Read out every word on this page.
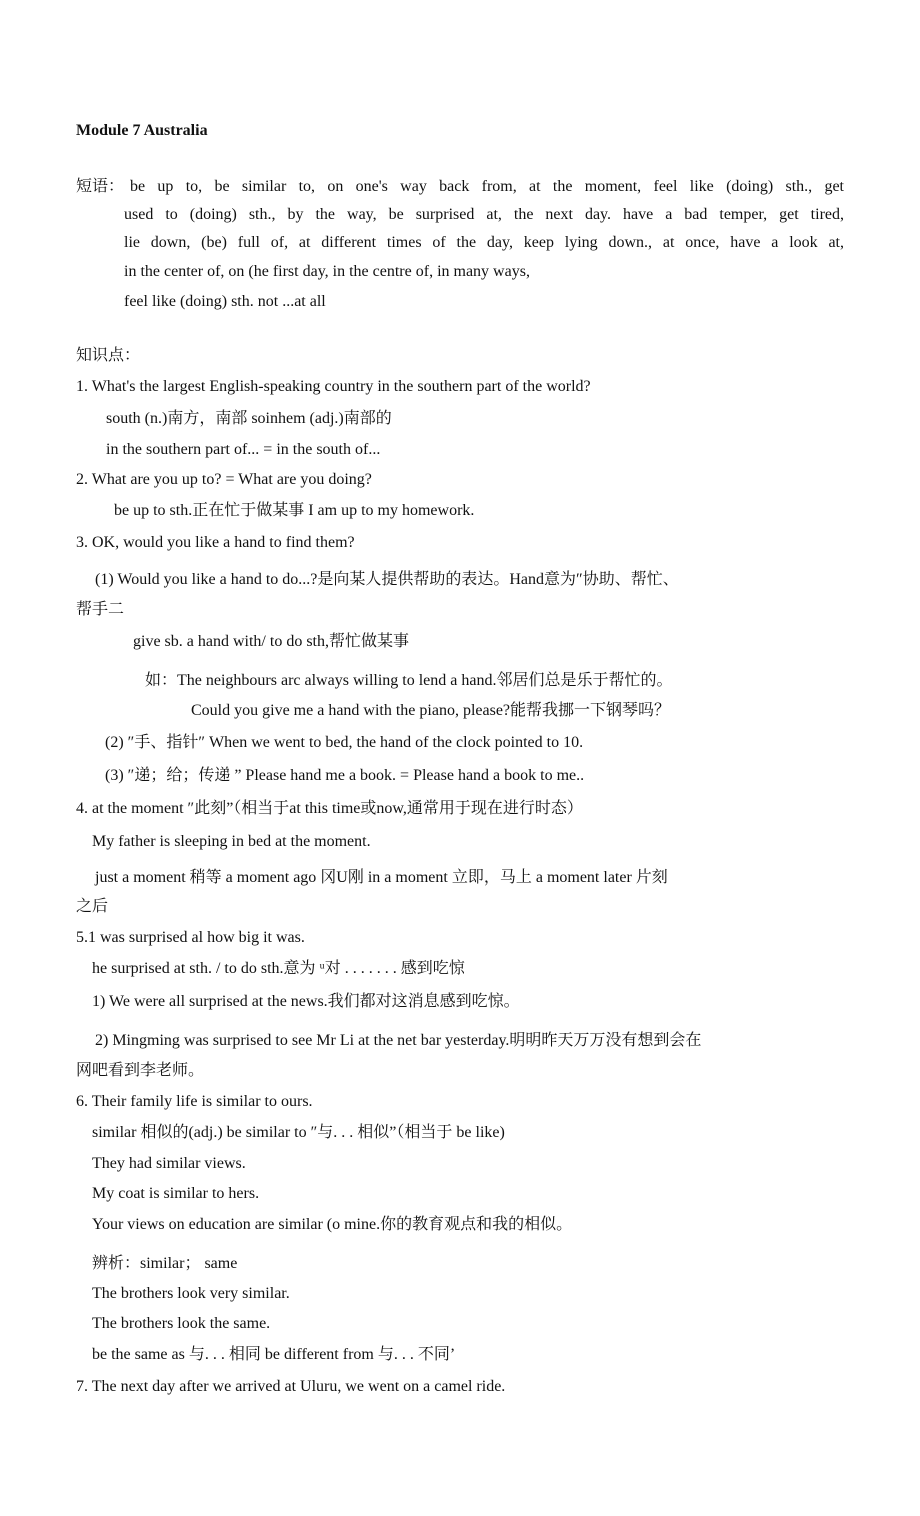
Module 7 Australia
短语： be up to, be similar to, on one's way back from, at the moment, feel like (doing) sth., get
used to (doing) sth., by the way, be surprised at, the next day. have a bad temper, get tired,
lie down, (be) full of, at different times of the day, keep lying down., at once, have a look at,
in the center of, on (he first day, in the centre of, in many ways,
feel like (doing) sth. not ...at all
知识点：
1. What's the largest English-speaking country in the southern part of the world?
south (n.)南方，南部 soinhem (adj.)南部的
in the southern part of... = in the south of...
2. What are you up to? = What are you doing?
be up to sth.正在忙于做某事 I am up to my homework.
3. OK, would you like a hand to find them?
(1) Would you like a hand to do...?是向某人提供帮助的表达。Hand意为″协助、帮忙、
帮手二
give sb. a hand with/ to do sth,帮忙做某事
如：The neighbours arc always willing to lend a hand.邻居们总是乐于帮忙的。
Could you give me a hand with the piano, please?能帮我挪一下钢琴吗？
(2) ″手、指针″ When we went to bed, the hand of the clock pointed to 10.
(3) ″递；给；传递 ” Please hand me a book. = Please hand a book to me..
4. at the moment ″此刻”（相当于at this time或now,通常用于现在进行时态）
My father is sleeping in bed at the moment.
just a moment 稍等 a moment ago 冈U刚 in a moment 立即，马上 a moment later 片刻
之后
5.1 was surprised al how big it was.
he surprised at sth. / to do sth.意为 ᵘ对 . . . . . . . 感到吃惊
1) We were all surprised at the news.我们都对这消息感到吃惊。
2) Mingming was surprised to see Mr Li at the net bar yesterday.明明昨天万万没有想到会在
网吧看到李老师。
6. Their family life is similar to ours.
similar 相似的(adj.) be similar to ″与. . . 相似”（相当于 be like)
They had similar views.
My coat is similar to hers.
Your views on education are similar (o mine.你的教育观点和我的相似。
辨析：similar； same
The brothers look very similar.
The brothers look the same.
be the same as 与. . . 相同 be different from 与. . . 不同’
7. The next day after we arrived at Uluru, we went on a camel ride.
